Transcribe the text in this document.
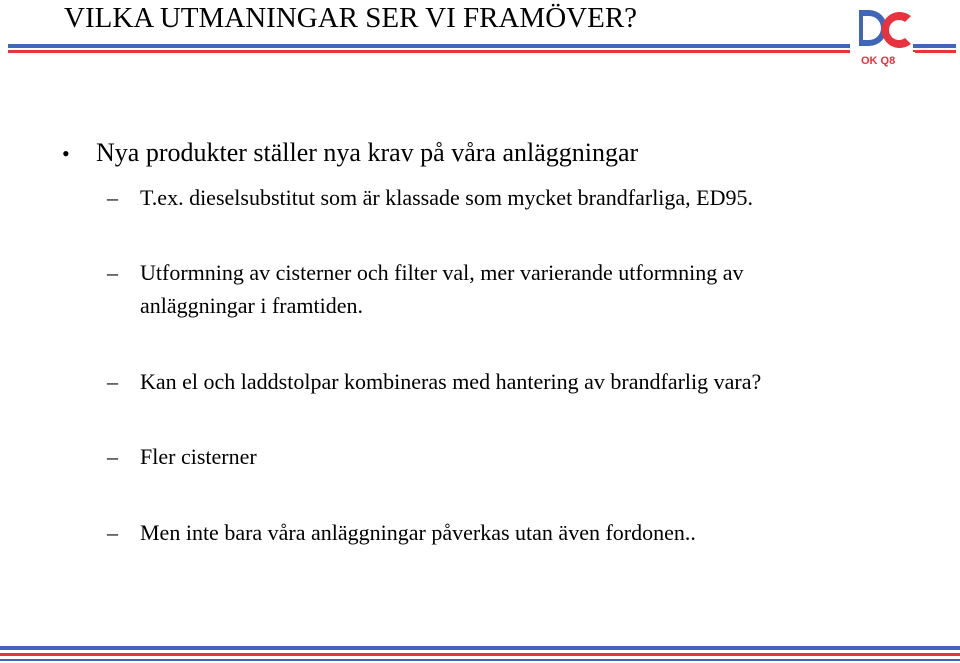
VILKA UTMANINGAR SER VI FRAMÖVER?
OK Q8
•	Nya produkter ställer nya krav på våra anläggningar
–	T.ex. dieselsubstitut som är klassade som mycket brandfarliga, ED95.
–	Utformning av cisterner och filter val, mer varierande utformning av
anläggningar i framtiden.
–	Kan el och laddstolpar kombineras med hantering av brandfarlig vara?
–	Fler cisterner
–	Men inte bara våra anläggningar påverkas utan även fordonen..
